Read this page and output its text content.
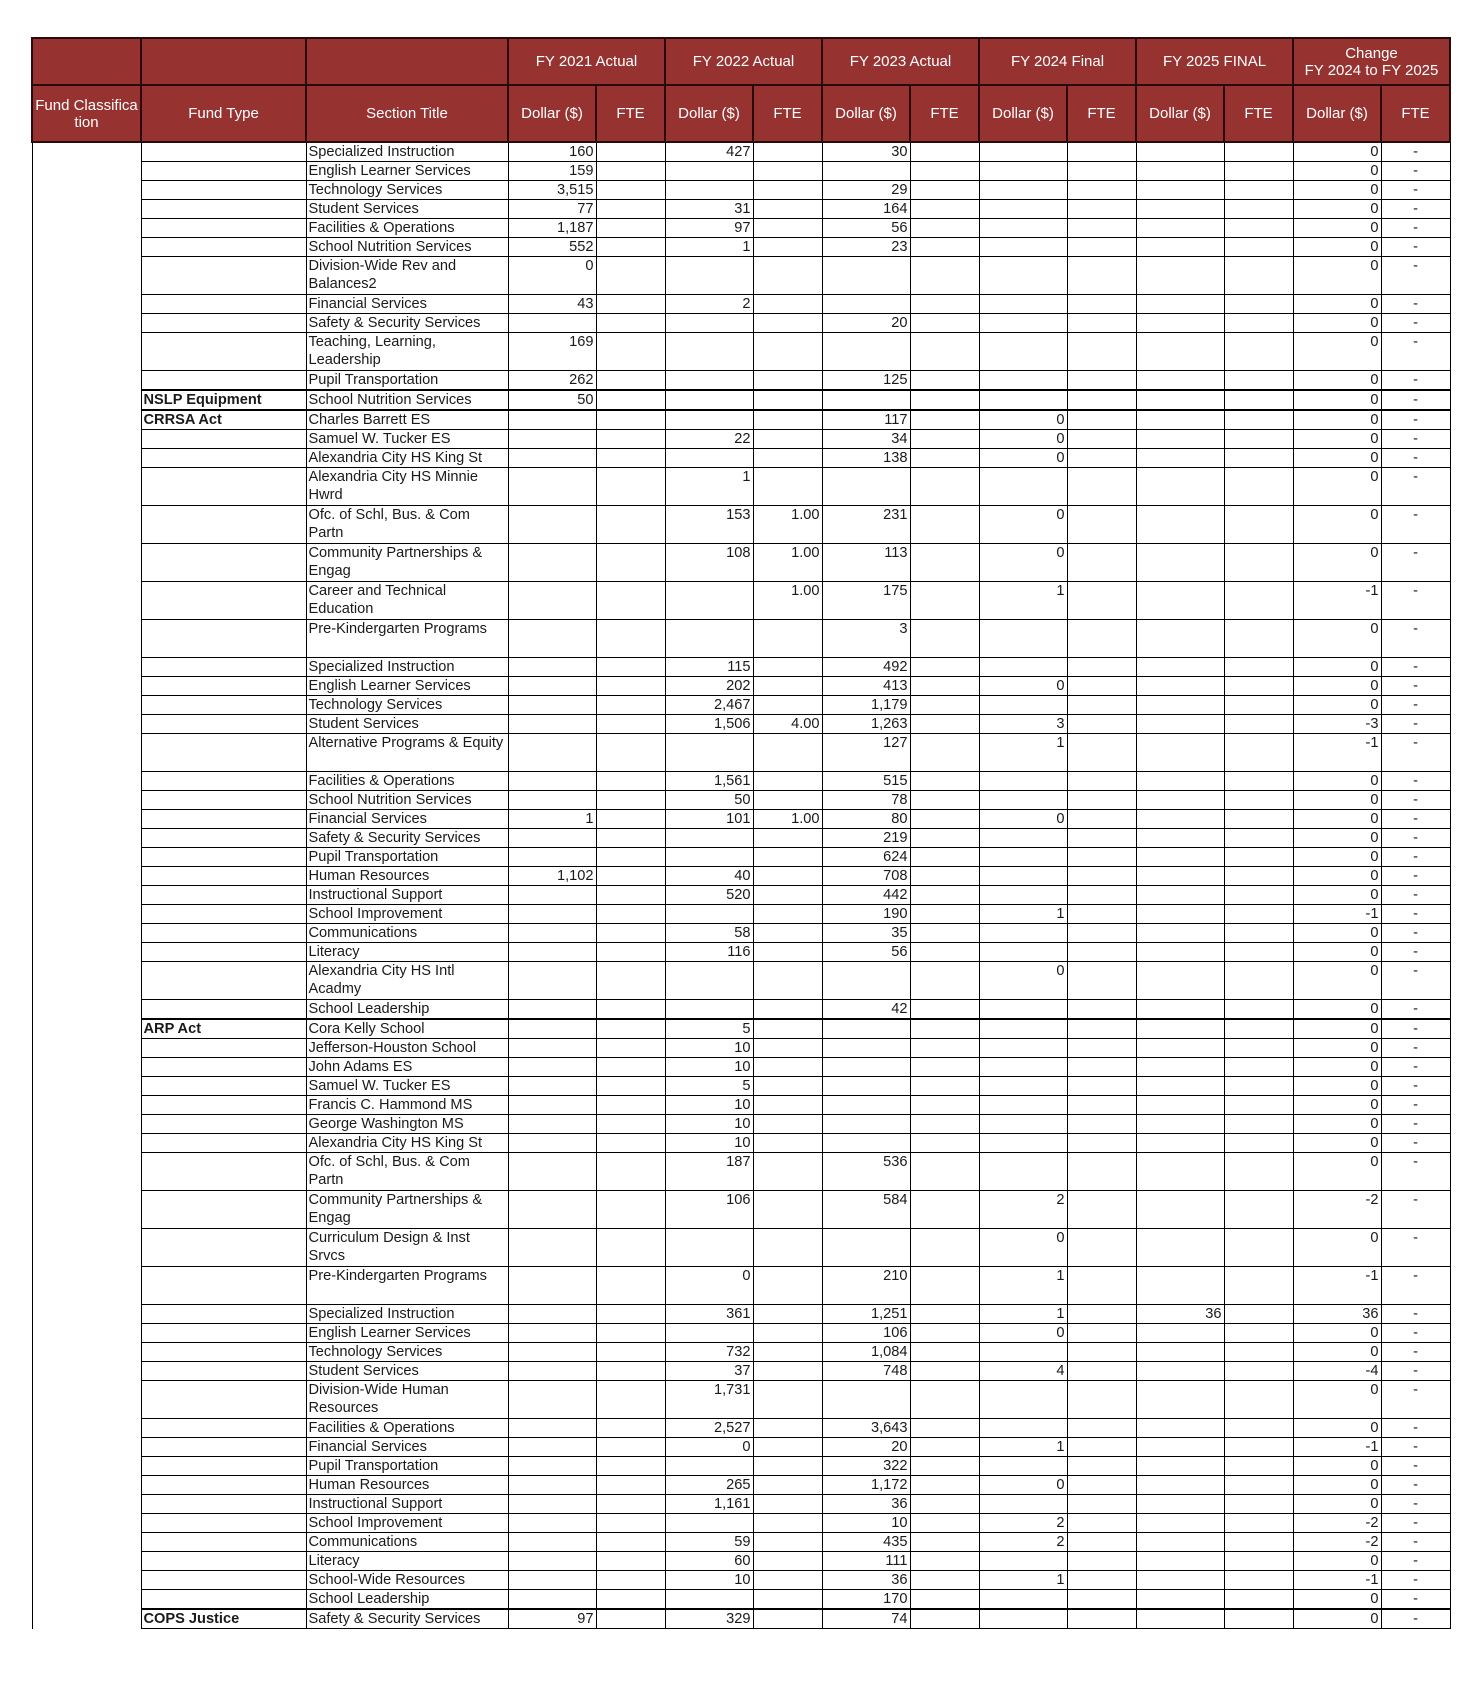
			FY 2021 Actual		FY 2022 Actual		FY 2023 Actual		FY 2024 Final		FY 2025 FINAL		Change
FY 2024 to FY 2025	
Fund Classification	Fund Type	Section Title	Dollar ($)	FTE	Dollar ($)	FTE	Dollar ($)	FTE	Dollar ($)	FTE	Dollar ($)	FTE	Dollar ($)	FTE
		Specialized Instruction	160		427		30						0	-
		English Learner Services	159										0	-
		Technology Services	3,515				29						0	-
		Student Services	77		31		164						0	-
		Facilities & Operations	1,187		97		56						0	-
		School Nutrition Services	552		1		23						0	-
		Division-Wide Rev and Balances2	0										0	-
		Financial Services	43		2								0	-
		Safety & Security Services					20						0	-
		Teaching, Learning, Leadership	169										0	-
		Pupil Transportation	262				125						0	-
	NSLP Equipment	School Nutrition Services	50										0	-
	CRRSA Act	Charles Barrett ES					117		0				0	-
		Samuel W. Tucker ES			22		34		0				0	-
		Alexandria City HS King St					138		0				0	-
		Alexandria City HS Minnie Hwrd			1								0	-
		Ofc. of Schl, Bus. & Com Partn			153	1.00	231		0				0	-
		Community Partnerships & Engag			108	1.00	113		0				0	-
		Career and Technical Education				1.00	175		1				-1	-
		Pre-Kindergarten Programs					3						0	-
		Specialized Instruction			115		492						0	-
		English Learner Services			202		413		0				0	-
		Technology Services			2,467		1,179						0	-
		Student Services			1,506	4.00	1,263		3				-3	-
		Alternative Programs & Equity					127		1				-1	-
		Facilities & Operations			1,561		515						0	-
		School Nutrition Services			50		78						0	-
		Financial Services	1		101	1.00	80		0				0	-
		Safety & Security Services					219						0	-
		Pupil Transportation					624						0	-
		Human Resources	1,102		40		708						0	-
		Instructional Support			520		442						0	-
		School Improvement					190		1				-1	-
		Communications			58		35						0	-
		Literacy			116		56						0	-
		Alexandria City HS Intl Acadmy							0				0	-
		School Leadership					42						0	-
	ARP Act	Cora Kelly School			5								0	-
		Jefferson-Houston School			10								0	-
		John Adams ES			10								0	-
		Samuel W. Tucker ES			5								0	-
		Francis C. Hammond MS			10								0	-
		George Washington MS			10								0	-
		Alexandria City HS King St			10								0	-
		Ofc. of Schl, Bus. & Com Partn			187		536						0	-
		Community Partnerships & Engag			106		584		2				-2	-
		Curriculum Design & Inst Srvcs							0				0	-
		Pre-Kindergarten Programs			0		210		1				-1	-
		Specialized Instruction			361		1,251		1		36		36	-
		English Learner Services					106		0				0	-
		Technology Services			732		1,084						0	-
		Student Services			37		748		4				-4	-
		Division-Wide Human Resources			1,731								0	-
		Facilities & Operations			2,527		3,643						0	-
		Financial Services			0		20		1				-1	-
		Pupil Transportation					322						0	-
		Human Resources			265		1,172		0				0	-
		Instructional Support			1,161		36						0	-
		School Improvement					10		2				-2	-
		Communications			59		435		2				-2	-
		Literacy			60		111						0	-
		School-Wide Resources			10		36		1				-1	-
		School Leadership					170						0	-
	COPS Justice	Safety & Security Services	97		329		74						0	-
